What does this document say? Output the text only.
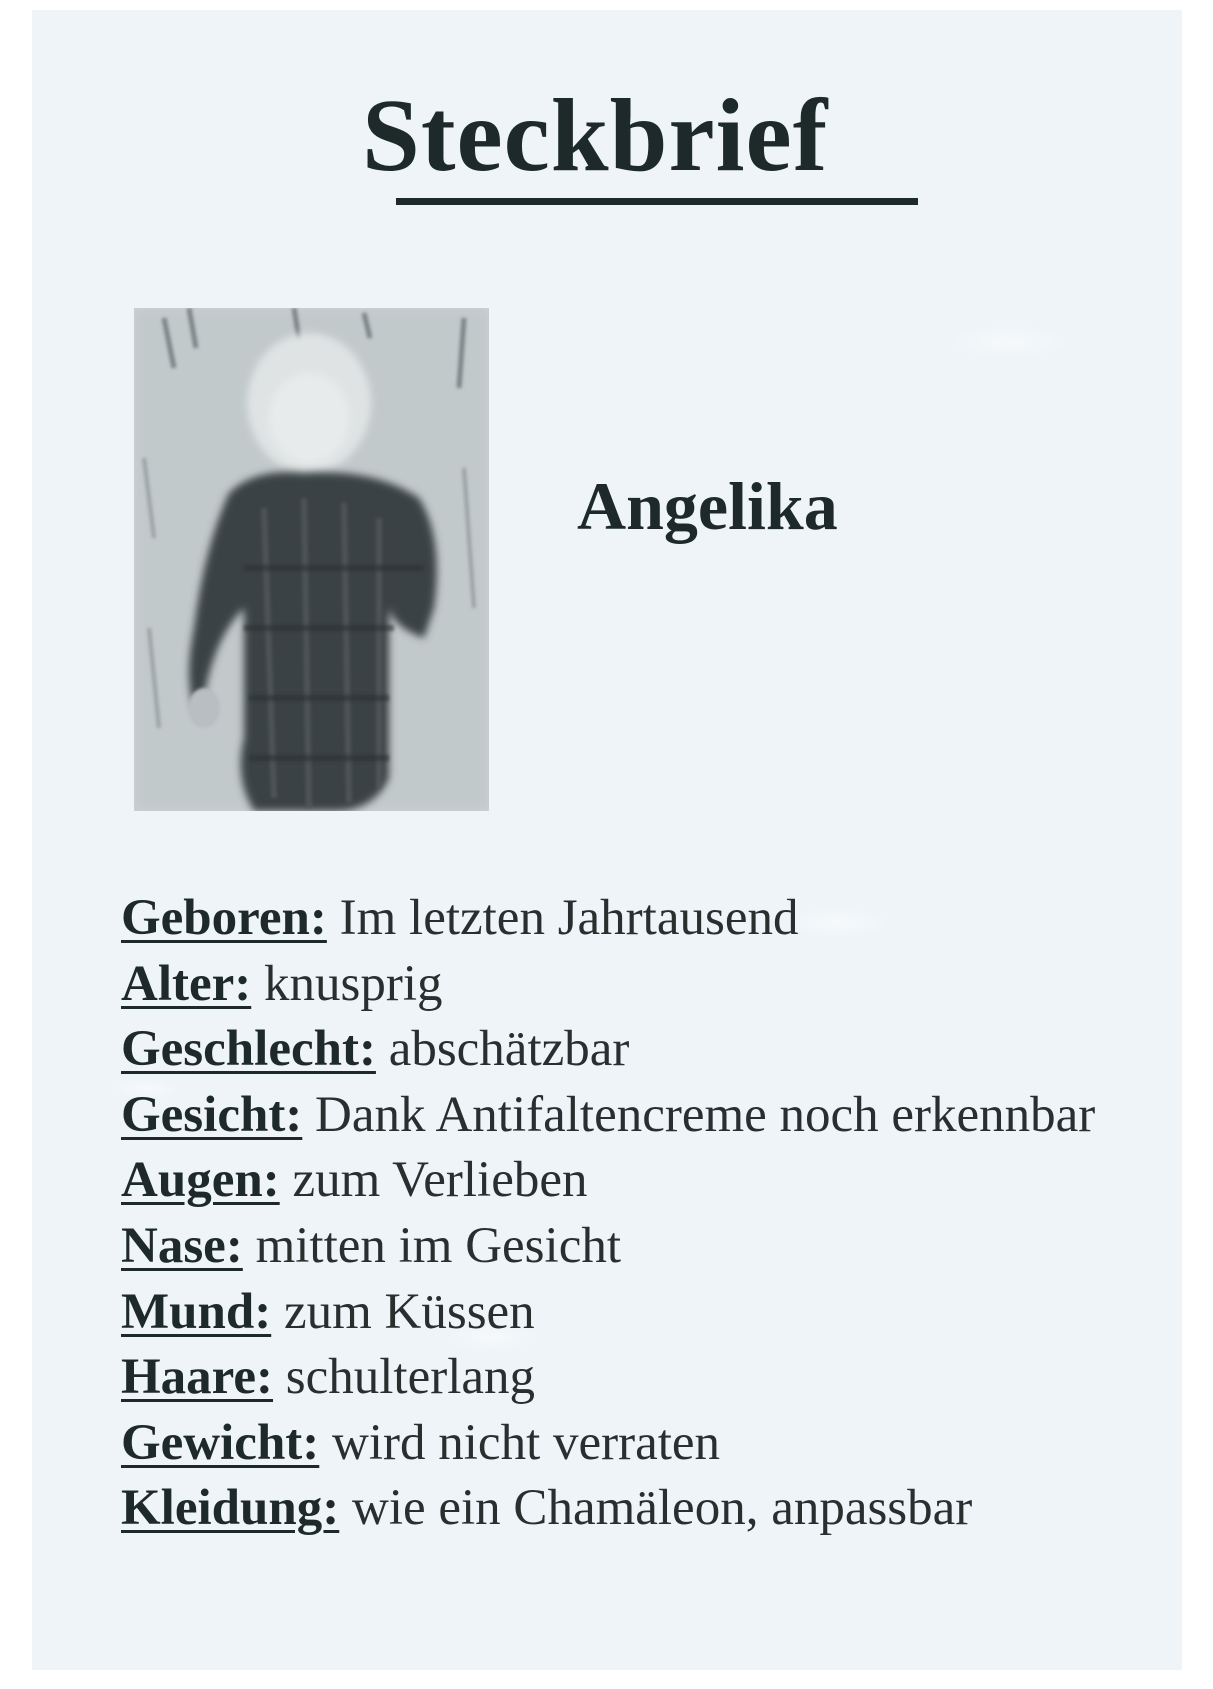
Steckbrief
Angelika
Geboren: Im letzten Jahrtausend
Alter: knusprig
Geschlecht: abschätzbar
Gesicht: Dank Antifaltencreme noch erkennbar
Augen: zum Verlieben
Nase: mitten im Gesicht
Mund: zum Küssen
Haare: schulterlang
Gewicht: wird nicht verraten
Kleidung: wie ein Chamäleon, anpassbar
